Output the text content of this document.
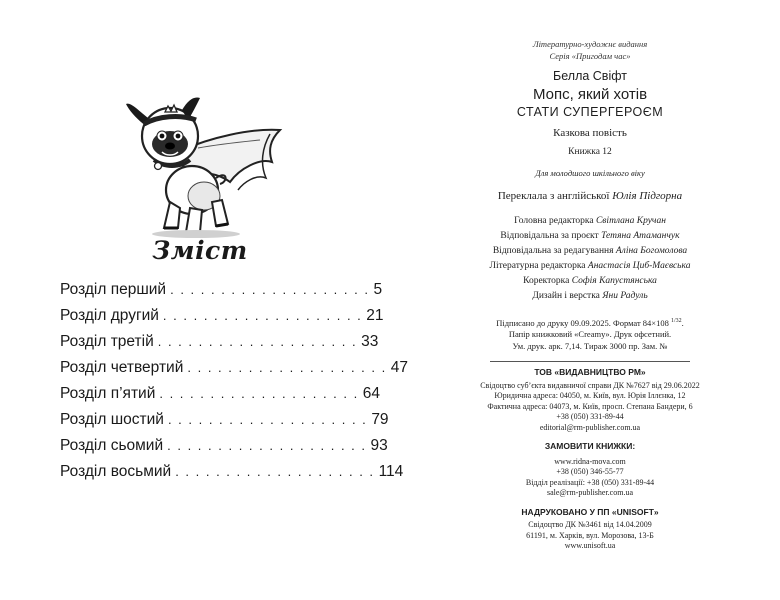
Зміст
Розділ перший . . . . . . . . . . . . . . . . . . . . 5
Розділ другий . . . . . . . . . . . . . . . . . . . . 21
Розділ третій . . . . . . . . . . . . . . . . . . . . 33
Розділ четвертий . . . . . . . . . . . . . . . . . . . . 47
Розділ п’ятий . . . . . . . . . . . . . . . . . . . . 64
Розділ шостий . . . . . . . . . . . . . . . . . . . . 79
Розділ сьомий . . . . . . . . . . . . . . . . . . . . 93
Розділ восьмий . . . . . . . . . . . . . . . . . . . . 114
Літературно-художнє видання
Серія «Пригодам час»
Белла Свіфт
Мопс, який хотів
СТАТИ СУПЕРГЕРОЄМ
Казкова повість
Книжка 12
Для молодшого шкільного віку
Переклала з англійської Юлія Підгорна
Головна редакторка Світлана Кручан
Відповідальна за проєкт Тетяна Атаманчук
Відповідальна за редагування Аліна Богомолова
Літературна редакторка Анастасія Циб-Маєвська
Коректорка Софія Капустянська
Дизайн і верстка Яни Радуль
Підписано до друку 09.09.2025. Формат 84×108 $^{1/32}$.
Папір книжковий «Creamy». Друк офсетний.
Ум. друк. арк. 7,14. Тираж 3000 пр. Зам. №
ТОВ «ВИДАВНИЦТВО РМ»
Свідоцтво суб’єкта видавничої справи ДК №7627 від 29.06.2022
Юридична адреса: 04050, м. Київ, вул. Юрія Іллєнка, 12
Фактична адреса: 04073, м. Київ, просп. Степана Бандери, 6
+38 (050) 331-89-44
editorial@rm-publisher.com.ua
ЗАМОВИТИ КНИЖКИ:
www.ridna-mova.com
+38 (050) 346-55-77
Відділ реалізації: +38 (050) 331-89-44
sale@rm-publisher.com.ua
НАДРУКОВАНО У ПП «UNISOFT»
Свідоцтво ДК №3461 від 14.04.2009
61191, м. Харків, вул. Морозова, 13-Б
www.unisoft.ua
